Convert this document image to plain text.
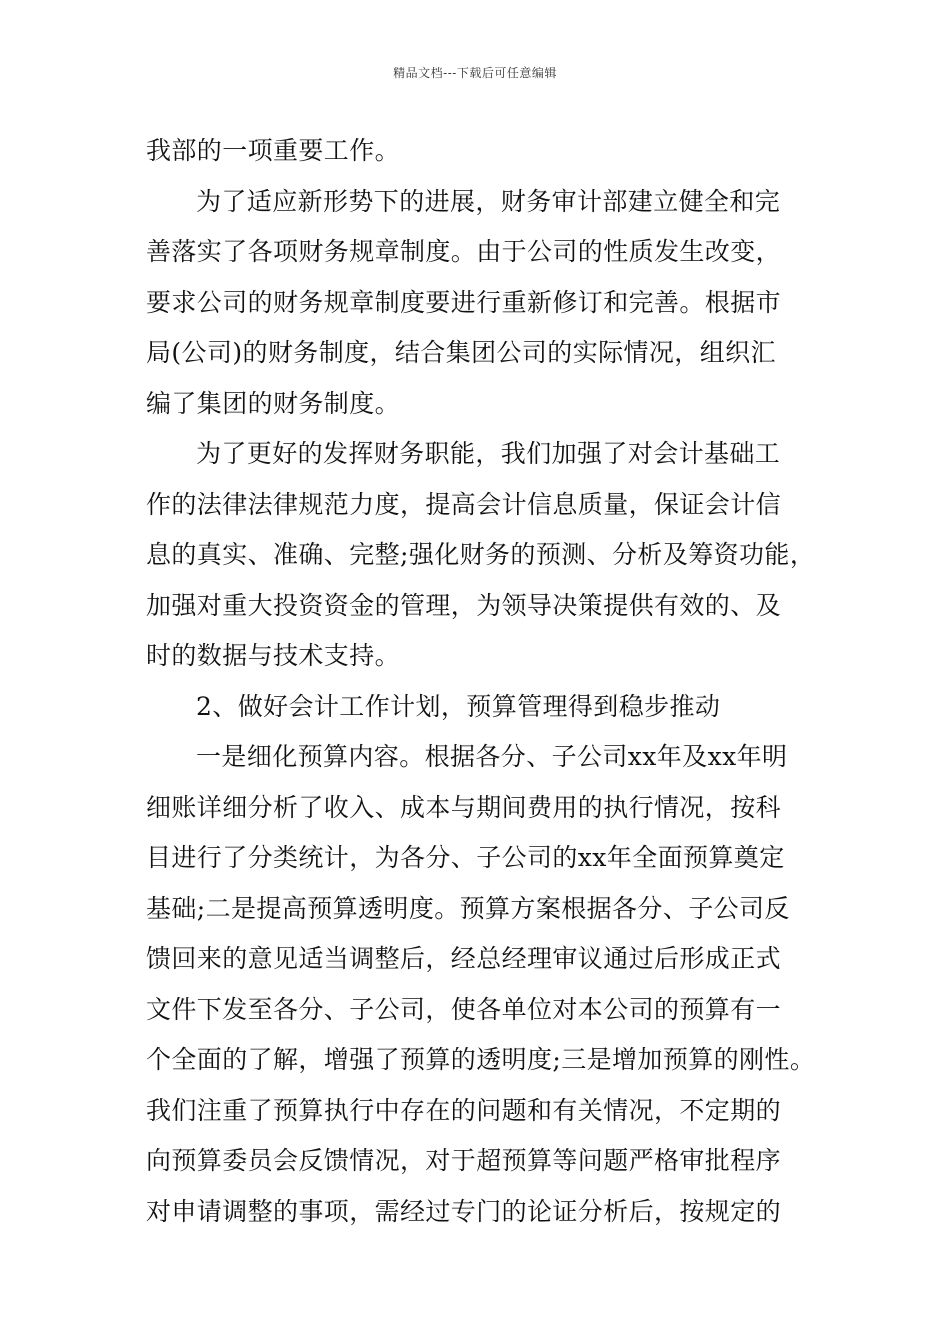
精品文档---下载后可任意编辑
我部的一项重要工作。
为了适应新形势下的进展，财务审计部建立健全和完
善落实了各项财务规章制度。由于公司的性质发生改变，
要求公司的财务规章制度要进行重新修订和完善。根据市
局(公司)的财务制度，结合集团公司的实际情况，组织汇
编了集团的财务制度。
为了更好的发挥财务职能，我们加强了对会计基础工
作的法律法律规范力度，提高会计信息质量，保证会计信
息的真实、准确、完整;强化财务的预测、分析及筹资功能，
加强对重大投资资金的管理，为领导决策提供有效的、及
时的数据与技术支持。
2、做好会计工作计划，预算管理得到稳步推动
一是细化预算内容。根据各分、子公司xx年及xx年明
细账详细分析了收入、成本与期间费用的执行情况，按科
目进行了分类统计，为各分、子公司的xx年全面预算奠定
基础;二是提高预算透明度。预算方案根据各分、子公司反
馈回来的意见适当调整后，经总经理审议通过后形成正式
文件下发至各分、子公司，使各单位对本公司的预算有一
个全面的了解，增强了预算的透明度;三是增加预算的刚性。
我们注重了预算执行中存在的问题和有关情况，不定期的
向预算委员会反馈情况，对于超预算等问题严格审批程序
对申请调整的事项，需经过专门的论证分析后，按规定的
